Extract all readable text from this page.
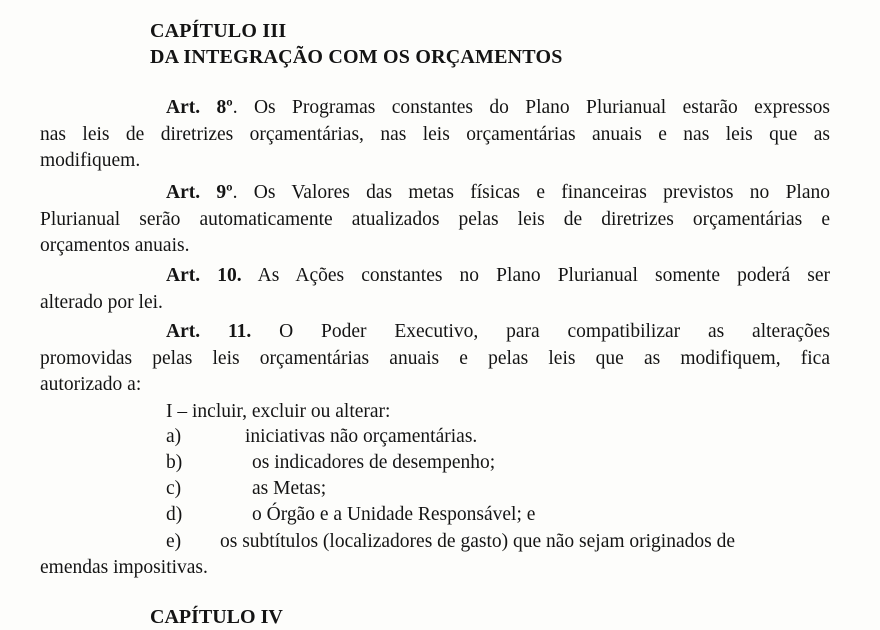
CAPÍTULO III
DA INTEGRAÇÃO COM OS ORÇAMENTOS
Art. 8º. Os Programas constantes do Plano Plurianual estarão expressos
nas leis de diretrizes orçamentárias, nas leis orçamentárias anuais e nas leis que as
modifiquem.
Art. 9º. Os Valores das metas físicas e financeiras previstos no Plano
Plurianual serão automaticamente atualizados pelas leis de diretrizes orçamentárias e
orçamentos anuais.
Art. 10. As Ações constantes no Plano Plurianual somente poderá ser
alterado por lei.
Art. 11. O Poder Executivo, para compatibilizar as alterações
promovidas pelas leis orçamentárias anuais e pelas leis que as modifiquem, fica
autorizado a:
I – incluir, excluir ou alterar:
a)	iniciativas não orçamentárias.
b)	os indicadores de desempenho;
c)	as Metas;
d)	o Órgão e a Unidade Responsável; e
e) os subtítulos (localizadores de gasto) que não sejam originados de
emendas impositivas.
CAPÍTULO IV
